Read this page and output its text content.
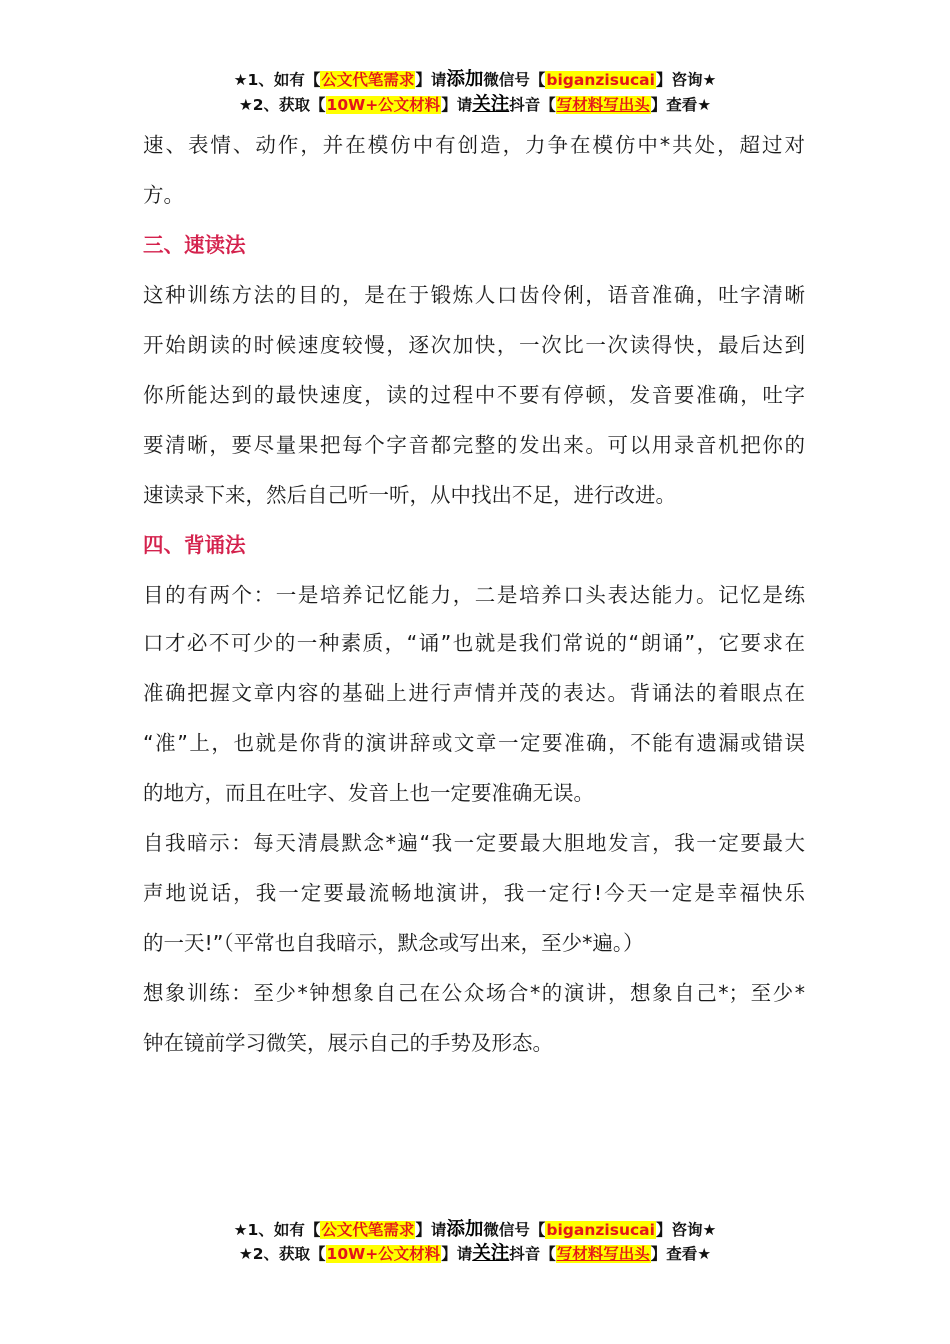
★1、如有【公文代笔需求】请添加微信号【biganzisucai】咨询★
★2、获取【10W+公文材料】请关注抖音【写材料写出头】查看★
速、表情、动作，并在模仿中有创造，力争在模仿中*共处，超过对
方。
三、速读法
这种训练方法的目的，是在于锻炼人口齿伶俐，语音准确，吐字清晰
开始朗读的时候速度较慢，逐次加快，一次比一次读得快，最后达到
你所能达到的最快速度，读的过程中不要有停顿，发音要准确，吐字
要清晰，要尽量果把每个字音都完整的发出来。可以用录音机把你的
速读录下来，然后自己听一听，从中找出不足，进行改进。
四、背诵法
目的有两个：一是培养记忆能力，二是培养口头表达能力。记忆是练
口才必不可少的一种素质，“诵”也就是我们常说的“朗诵”，它要求在
准确把握文章内容的基础上进行声情并茂的表达。背诵法的着眼点在
“准”上，也就是你背的演讲辞或文章一定要准确，不能有遗漏或错误
的地方，而且在吐字、发音上也一定要准确无误。
自我暗示：每天清晨默念*遍“我一定要最大胆地发言，我一定要最大
声地说话，我一定要最流畅地演讲，我一定行!今天一定是幸福快乐
的一天!”（平常也自我暗示，默念或写出来，至少*遍。）
想象训练：至少*钟想象自己在公众场合*的演讲，想象自己*；至少*
钟在镜前学习微笑，展示自己的手势及形态。
★1、如有【公文代笔需求】请添加微信号【biganzisucai】咨询★
★2、获取【10W+公文材料】请关注抖音【写材料写出头】查看★
